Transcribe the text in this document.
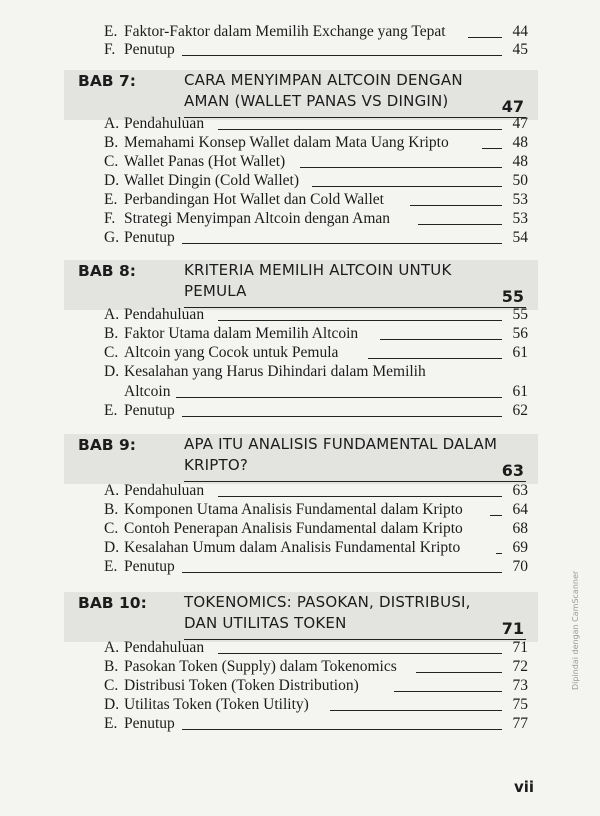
E. Faktor-Faktor dalam Memilih Exchange yang Tepat	44
F. Penutup	45
BAB 7:	CARA MENYIMPAN ALTCOIN DENGAN
AMAN (WALLET PANAS VS DINGIN)	47
A. Pendahuluan	47
B. Memahami Konsep Wallet dalam Mata Uang Kripto	48
C. Wallet Panas (Hot Wallet)	48
D. Wallet Dingin (Cold Wallet)	50
E. Perbandingan Hot Wallet dan Cold Wallet	53
F. Strategi Menyimpan Altcoin dengan Aman	53
G. Penutup	54
BAB 8:	KRITERIA MEMILIH ALTCOIN UNTUK
PEMULA	55
A. Pendahuluan	55
B. Faktor Utama dalam Memilih Altcoin	56
C. Altcoin yang Cocok untuk Pemula	61
D. Kesalahan yang Harus Dihindari dalam Memilih
Altcoin	61
E. Penutup	62
BAB 9:	APA ITU ANALISIS FUNDAMENTAL DALAM
KRIPTO?	63
A. Pendahuluan	63
B. Komponen Utama Analisis Fundamental dalam Kripto	64
C. Contoh Penerapan Analisis Fundamental dalam Kripto	68
D. Kesalahan Umum dalam Analisis Fundamental Kripto	69
E. Penutup	70
BAB 10: TOKENOMICS: PASOKAN, DISTRIBUSI,
DAN UTILITAS TOKEN	71
A. Pendahuluan	71
B. Pasokan Token (Supply) dalam Tokenomics	72
C. Distribusi Token (Token Distribution)	73
D. Utilitas Token (Token Utility)	75
E. Penutup	77
vii
Dipindai dengan CamScanner
